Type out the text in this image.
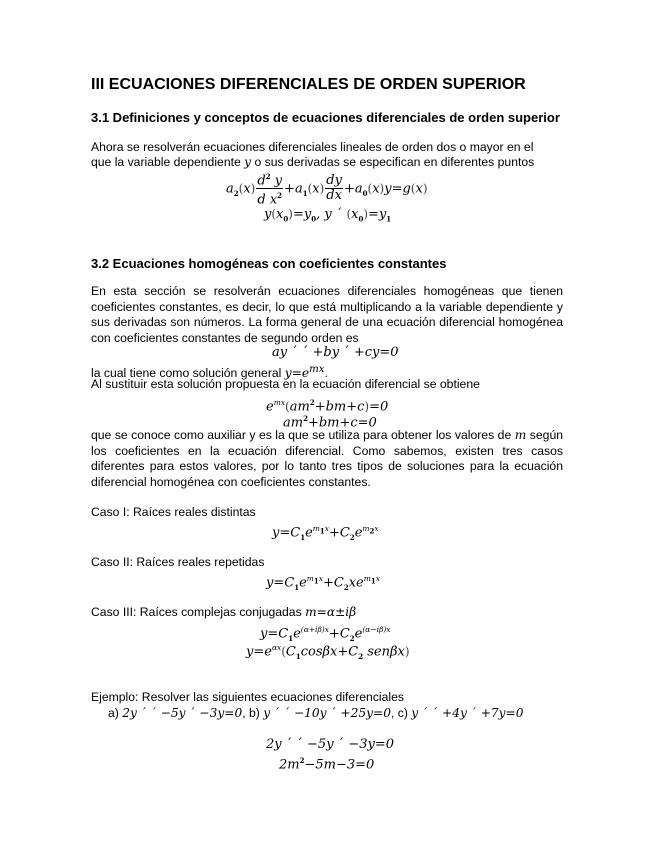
III ECUACIONES DIFERENCIALES DE ORDEN SUPERIOR
3.1 Definiciones y conceptos de ecuaciones diferenciales de orden superior
Ahora se resolverán ecuaciones diferenciales lineales de orden dos o mayor en el
que la variable dependiente y o sus derivadas se especifican en diferentes puntos
$a_2(x) \frac{d^2 y}{d x^2} +a_1(x) \frac{dy}{dx} +a_0(x)y=g(x)$
$y(x_0)=y_0$, y ´ $(x_0)=y_1$
3.2 Ecuaciones homogéneas con coeficientes constantes
En esta sección se resolverán ecuaciones diferenciales homogéneas que tienen coeficientes constantes, es decir, lo que está multiplicando a la variable dependiente y sus derivadas son números. La forma general de una ecuación diferencial homogénea con coeficientes constantes de segundo orden es
ay ´ ´ +by ´ +cy=0
la cual tiene como solución general $y=e^{mx}$.
Al sustituir esta solución propuesta en la ecuación diferencial se obtiene
$e^{mx}(am^2+bm+c)=0$
$am^2+bm+c=0$
que se conoce como auxiliar y es la que se utiliza para obtener los valores de m según los coeficientes en la ecuación diferencial. Como sabemos, existen tres casos diferentes para estos valores, por lo tanto tres tipos de soluciones para la ecuación diferencial homogénea con coeficientes constantes.
Caso I: Raíces reales distintas
$y=C_1e^{m_1x}+C_2e^{m_2x}$
Caso II: Raíces reales repetidas
$y=C_1e^{m_1x}+C_2xe^{m_1x}$
Caso III: Raíces complejas conjugadas m=α±iβ
$y=C_1e^{(\alpha+i\beta)x}+C_2e^{(\alpha-i\beta)x}$
$y=e^{\alpha x}(C_1\cos\beta x+C_2$ senβx)
Ejemplo: Resolver las siguientes ecuaciones diferenciales
a) 2y ´ ´ −5y ´ −3y=0, b) y ´ ´ −10y ´ +25y=0, c) y ´ ´ +4y ´ +7y=0
2y ´ ´ −5y ´ −3y=0
$2m^2-5m-3=0$
